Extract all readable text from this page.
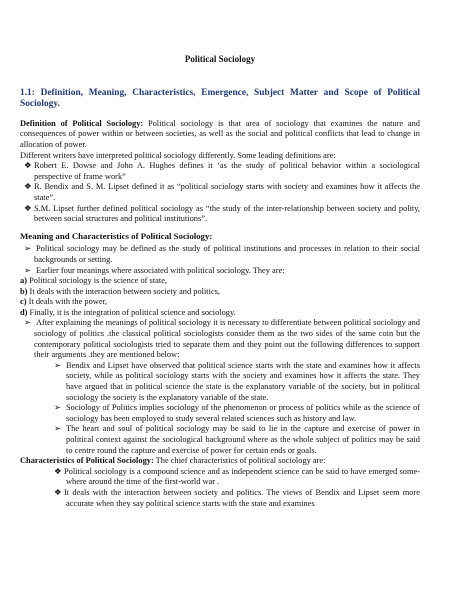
Political Sociology
1.1: Definition, Meaning, Characteristics, Emergence, Subject Matter and Scope of Political Sociology.

Definition of Political Sociology: Political sociology is that area of sociology that examines the nature and consequences of power within or between societies, as well as the social and political conflicts that lead to change in allocation of power.

Different writers have interpreted political sociology differently. Some leading definitions are:

❖ Robert E. Dowse and John A. Hughes defines it ‘as the study of political behavior within a sociological perspective of frame work”

❖ R. Bendix and S. M. Lipset defined it as “political sociology starts with society and examines how it affects the state”.

❖ S.M. Lipset further defined political sociology as “the study of the inter-relationship between society and polity, between social structures and political institutions”.

Meaning and Characteristics of Political Sociology:

➢ Political sociology may be defined as the study of political institutions and processes in relation to their social backgrounds or setting.

➢ Earlier four meanings where associated with political sociology. They are:

a) Political sociology is the science of state,

b) It deals with the interaction between society and politics,

c) It deals with the power,

d) Finally, it is the integration of political science and sociology.

➢ After explaining the meanings of political sociology it is necessary to differentiate between political sociology and sociology of politics .the classical political sociologists consider them as the two sides of the same coin but the contemporary political sociologists tried to separate them and they point out the following differences to support their arguments .they are mentioned below:

➢ Bendix and Lipset have observed that political science starts with the state and examines how it affects society, while as political sociology starts with the society and examines how it affects the state. They have argued that in political science the state is the explanatory variable of the society, but in political sociology the society is the explanatory variable of the state.

➢ Sociology of Politics implies sociology of the phenomenon or process of politics while as the science of sociology has been employed to study several related sciences such as history and law.

➢ The heart and soul of political sociology may be said to lie in the capture and exercise of power in political context against the sociological background where as the whole subject of politics may be said to centre round the capture and exercise of power for certain ends or goals.

Characteristics of Political Sociology: The chief characteristics of political sociology are:

❖ Political sociology is a compound science and as independent science can be said to have emerged some- where around the time of the first-world war .

❖ It deals with the interaction between society and politics. The views of Bendix and Lipset seem more accurate when they say political science starts with the state and examines
